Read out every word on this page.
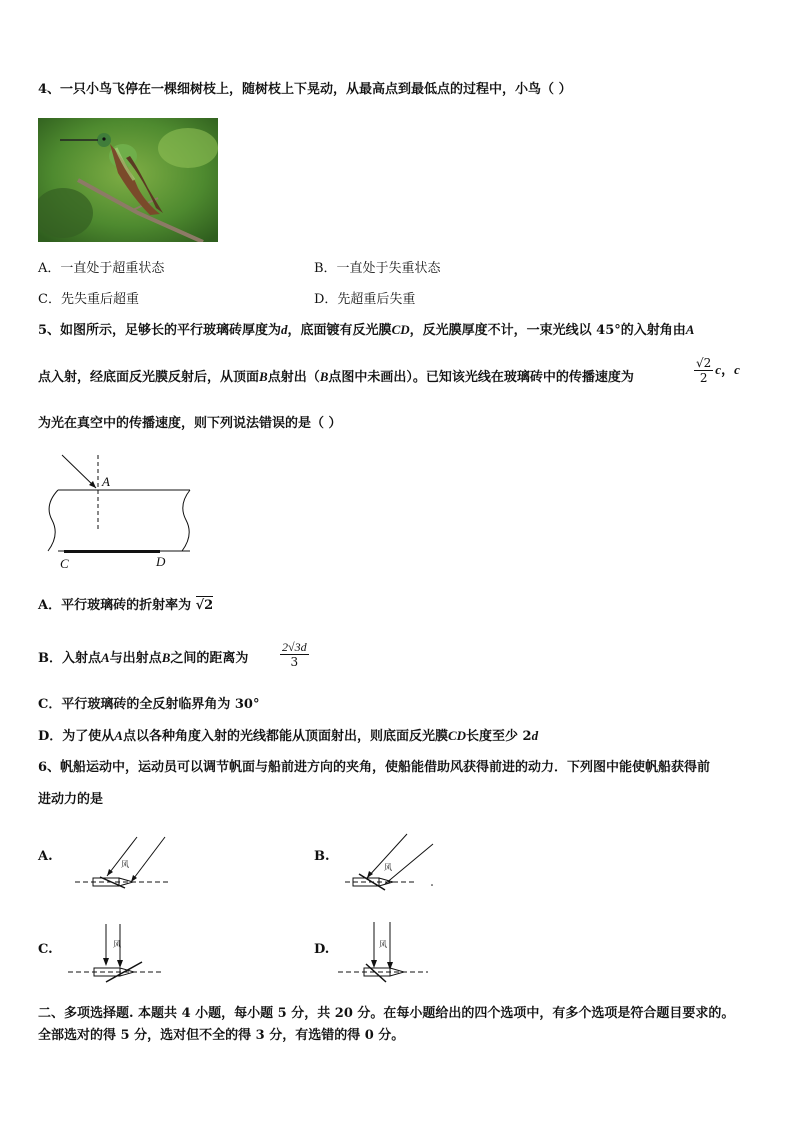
4、一只小鸟飞停在一棵细树枝上，随树枝上下晃动，从最高点到最低点的过程中，小鸟（ ）
A．一直处于超重状态	B．一直处于失重状态
C．先失重后超重	D．先超重后失重
5、如图所示，足够长的平行玻璃砖厚度为d，底面镀有反光膜CD，反光膜厚度不计，一束光线以 45°的入射角由A
点入射，经底面反光膜反射后，从顶面B点射出（B点图中未画出）。已知该光线在玻璃砖中的传播速度为	$\frac{√2}{2}$ c，c
为光在真空中的传播速度，则下列说法错误的是（ ）
A
C	D
A．平行玻璃砖的折射率为 √2
B．入射点A与出射点B之间的距离为	$\frac{2√3d}{3}$
C．平行玻璃砖的全反射临界角为 30°
D．为了使从A点以各种角度入射的光线都能从顶面射出，则底面反光膜CD长度至少 2d
6、帆船运动中，运动员可以调节帆面与船前进方向的夹角，使船能借助风获得前进的动力．下列图中能使帆船获得前
进动力的是
A.
风
B.
风
C.	风	D.	风
二、多项选择题. 本题共 4 小题，每小题 5 分，共 20 分。在每小题给出的四个选项中，有多个选项是符合题目要求的。
全部选对的得 5 分，选对但不全的得 3 分，有选错的得 0 分。
